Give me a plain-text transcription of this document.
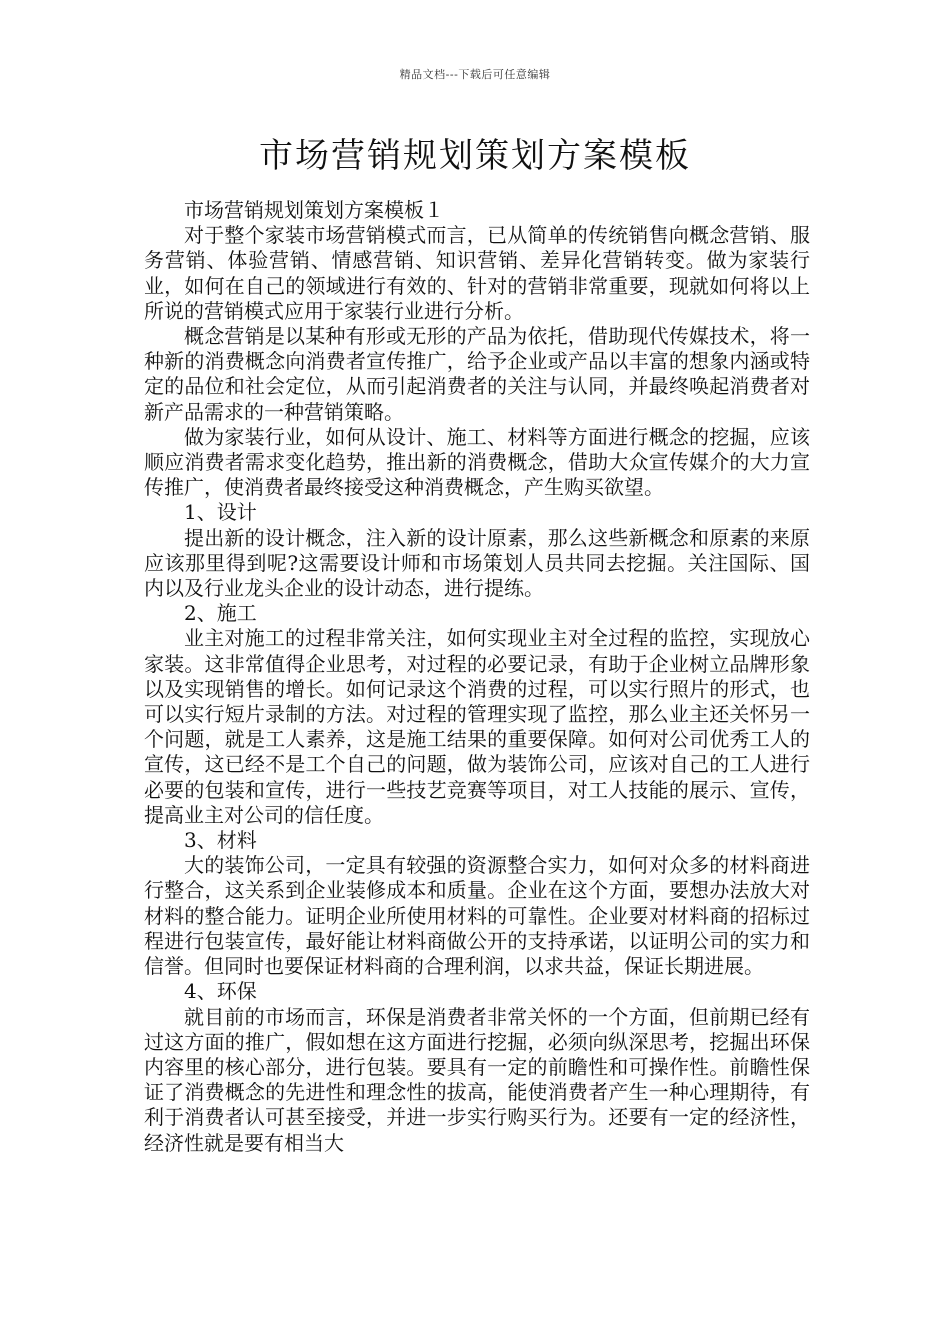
精品文档---下载后可任意编辑
市场营销规划策划方案模板

市场营销规划策划方案模板１

对于整个家装市场营销模式而言，已从简单的传统销售向概念营销、服务营销、体验营销、情感营销、知识营销、差异化营销转变。做为家装行业，如何在自己的领域进行有效的、针对的营销非常重要，现就如何将以上所说的营销模式应用于家装行业进行分析。

概念营销是以某种有形或无形的产品为依托，借助现代传媒技术，将一种新的消费概念向消费者宣传推广，给予企业或产品以丰富的想象内涵或特定的品位和社会定位，从而引起消费者的关注与认同，并最终唤起消费者对新产品需求的一种营销策略。

做为家装行业，如何从设计、施工、材料等方面进行概念的挖掘，应该顺应消费者需求变化趋势，推出新的消费概念，借助大众宣传媒介的大力宣传推广，使消费者最终接受这种消费概念，产生购买欲望。

1、设计

提出新的设计概念，注入新的设计原素，那么这些新概念和原素的来原应该那里得到呢?这需要设计师和市场策划人员共同去挖掘。关注国际、国内以及行业龙头企业的设计动态，进行提练。

2、施工

业主对施工的过程非常关注，如何实现业主对全过程的监控，实现放心家装。这非常值得企业思考，对过程的必要记录，有助于企业树立品牌形象以及实现销售的增长。如何记录这个消费的过程，可以实行照片的形式，也可以实行短片录制的方法。对过程的管理实现了监控，那么业主还关怀另一个问题，就是工人素养，这是施工结果的重要保障。如何对公司优秀工人的宣传，这已经不是工个自己的问题，做为装饰公司，应该对自己的工人进行必要的包装和宣传，进行一些技艺竞赛等项目，对工人技能的展示、宣传，提高业主对公司的信任度。

3、材料

大的装饰公司，一定具有较强的资源整合实力，如何对众多的材料商进行整合，这关系到企业装修成本和质量。企业在这个方面，要想办法放大对材料的整合能力。证明企业所使用材料的可靠性。企业要对材料商的招标过程进行包装宣传，最好能让材料商做公开的支持承诺，以证明公司的实力和信誉。但同时也要保证材料商的合理利润，以求共益，保证长期进展。

4、环保

就目前的市场而言，环保是消费者非常关怀的一个方面，但前期已经有过这方面的推广，假如想在这方面进行挖掘，必须向纵深思考，挖掘出环保内容里的核心部分，进行包装。要具有一定的前瞻性和可操作性。前瞻性保证了消费概念的先进性和理念性的拔高，能使消费者产生一种心理期待，有利于消费者认可甚至接受，并进一步实行购买行为。还要有一定的经济性，经济性就是要有相当大
